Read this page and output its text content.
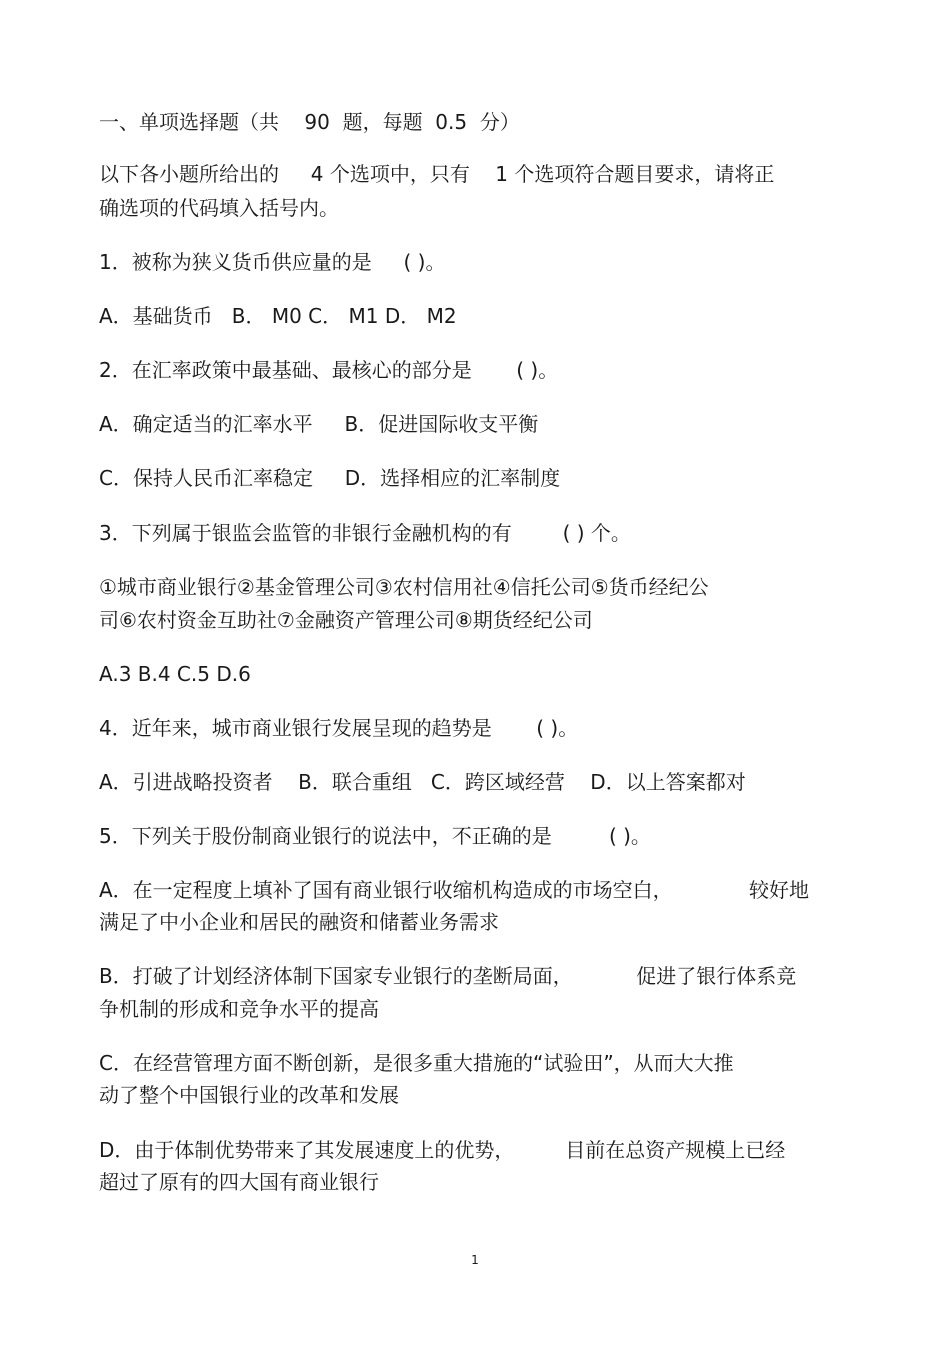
一、单项选择题（共    90  题，每题  0.5  分）
以下各小题所给出的     4 个选项中，只有    1 个选项符合题目要求，请将正
确选项的代码填入括号内。
1．被称为狭义货币供应量的是     ( )。
A．基础货币   B． M0 C． M1 D． M2
2．在汇率政策中最基础、最核心的部分是       ( )。
A．确定适当的汇率水平     B．促进国际收支平衡
C．保持人民币汇率稳定     D．选择相应的汇率制度
3．下列属于银监会监管的非银行金融机构的有        ( ) 个。
①城市商业银行②基金管理公司③农村信用社④信托公司⑤货币经纪公
司⑥农村资金互助社⑦金融资产管理公司⑧期货经纪公司
A.3 B.4 C.5 D.6
4．近年来，城市商业银行发展呈现的趋势是       ( )。
A．引进战略投资者    B．联合重组   C．跨区域经营    D．以上答案都对
5．下列关于股份制商业银行的说法中，不正确的是         ( )。
A．在一定程度上填补了国有商业银行收缩机构造成的市场空白，            较好地
满足了中小企业和居民的融资和储蓄业务需求
B．打破了计划经济体制下国家专业银行的垄断局面，          促进了银行体系竞
争机制的形成和竞争水平的提高
C．在经营管理方面不断创新，是很多重大措施的“试验田”，从而大大推
动了整个中国银行业的改革和发展
D．由于体制优势带来了其发展速度上的优势，        目前在总资产规模上已经
超过了原有的四大国有商业银行
1
